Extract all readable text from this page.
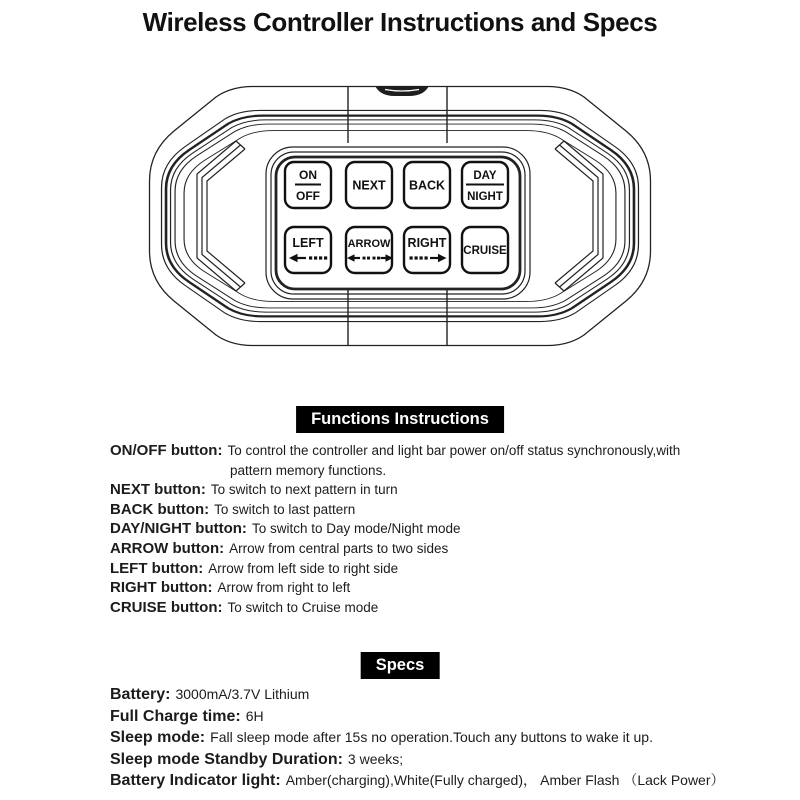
Wireless Controller Instructions and Specs
ON
OFF
NEXT BACK
DAY
NIGHT
LEFT ARROW RIGHT
CRUISE
Functions Instructions
ON/OFF button: To control the controller and light bar power on/off status synchronously,with
pattern memory functions.
NEXT button: To switch to next pattern in turn
BACK button: To switch to last pattern
DAY/NIGHT button: To switch to Day mode/Night mode
ARROW button: Arrow from central parts to two sides
LEFT button: Arrow from left side to right side
RIGHT button: Arrow from right to left
CRUISE button: To switch to Cruise mode
Specs
Battery: 3000mA/3.7V Lithium
Full Charge time: 6H
Sleep mode: Fall sleep mode after 15s no operation.Touch any buttons to wake it up.
Sleep mode Standby Duration: 3 weeks;
Battery Indicator light: Amber(charging),White(Fully charged)， Amber Flash （Lack Power）
